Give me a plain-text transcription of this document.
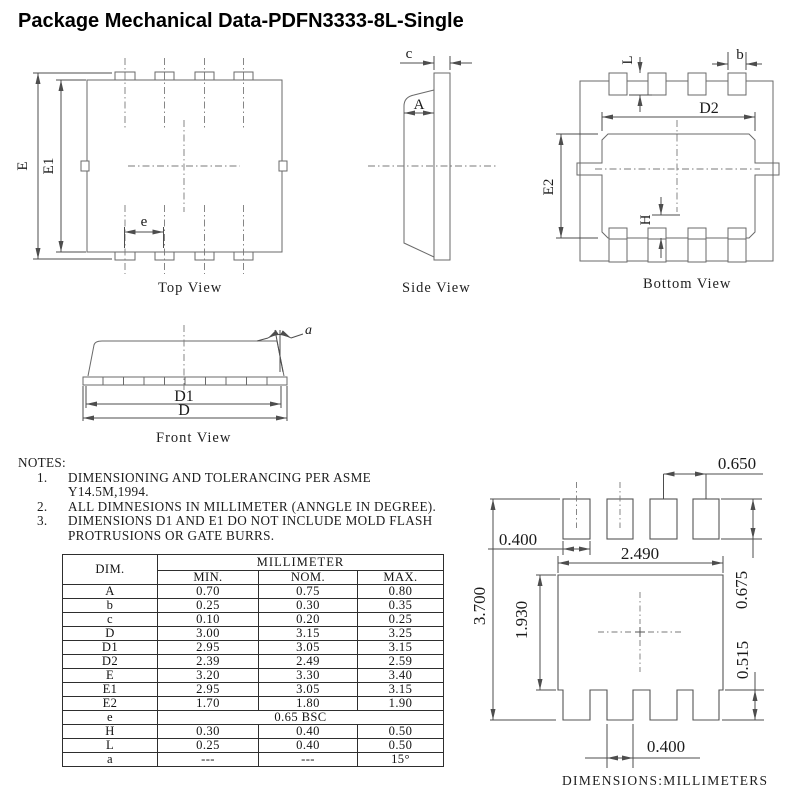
Package Mechanical Data-PDFN3333-8L-Single
E E1
e
Top View
c
A
Side View
D2
E2
L	b
H
Bottom View
a
D1
D
Front View
NOTES:
1.	DIMENSIONING AND TOLERANCING PER ASME
Y14.5M,1994.
2.	ALL DIMNESIONS IN MILLIMETER (ANNGLE IN DEGREE).
3.	DIMENSIONS D1 AND E1 DO NOT INCLUDE MOLD FLASH
PROTRUSIONS OR GATE BURRS.
DIM.	MILLIMETER		
	MIN.	NOM.	MAX.
A	0.70	0.75	0.80
b	0.25	0.30	0.35
c	0.10	0.20	0.25
D	3.00	3.15	3.25
D1	2.95	3.05	3.15
D2	2.39	2.49	2.59
E	3.20	3.30	3.40
E1	2.95	3.05	3.15
E2	1.70	1.80	1.90
e	0.65 BSC		
H	0.30	0.40	0.50
L	0.25	0.40	0.50
a	---	---	15°
0.650
0.400
2.490
3.700 1.930
0.675
0.515
0.400
DIMENSIONS:MILLIMETERS
